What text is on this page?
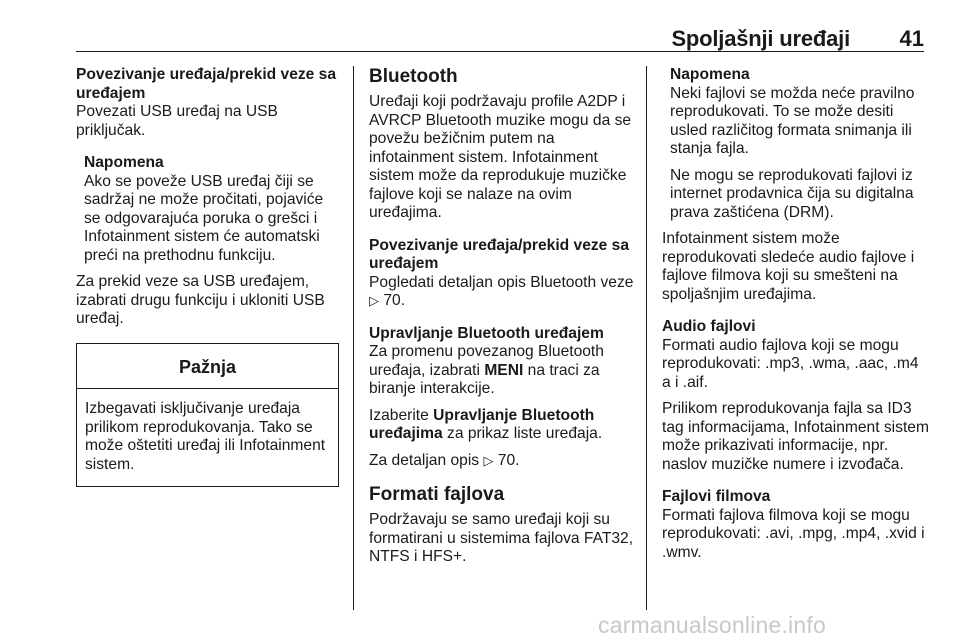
Spoljašnji uređaji	41

Povezivanje uređaja/prekid veze sa uređajem

Povezati USB uređaj na USB priključak.

Napomena

Ako se poveže USB uređaj čiji se sadržaj ne može pročitati, pojaviće se odgovarajuća poruka o grešci i Infotainment sistem će automatski preći na prethodnu funkciju.

Za prekid veze sa USB uređajem, izabrati drugu funkciju i ukloniti USB uređaj.

Pažnja
Izbegavati isključivanje uređaja prilikom reprodukovanja. Tako se može oštetiti uređaj ili Infotainment sistem.

Bluetooth

Uređaji koji podržavaju profile A2DP i AVRCP Bluetooth muzike mogu da se povežu bežičnim putem na infotainment sistem. Infotainment sistem može da reprodukuje muzičke fajlove koji se nalaze na ovim uređajima.

Povezivanje uređaja/prekid veze sa uređajem

Pogledati detaljan opis Bluetooth veze ▷ 70.

Upravljanje Bluetooth uređajem

Za promenu povezanog Bluetooth uređaja, izabrati MENI na traci za biranje interakcije.

Izaberite Upravljanje Bluetooth uređajima za prikaz liste uređaja.

Za detaljan opis ▷ 70.

Formati fajlova

Podržavaju se samo uređaji koji su formatirani u sistemima fajlova FAT32, NTFS i HFS+.

Napomena

Neki fajlovi se možda neće pravilno reprodukovati. To se može desiti usled različitog formata snimanja ili stanja fajla.

Ne mogu se reprodukovati fajlovi iz internet prodavnica čija su digitalna prava zaštićena (DRM).

Infotainment sistem može reprodukovati sledeće audio fajlove i fajlove filmova koji su smešteni na spoljašnjim uređajima.

Audio fajlovi

Formati audio fajlova koji se mogu reprodukovati: .mp3, .wma, .aac, .m4 a i .aif.

Prilikom reprodukovanja fajla sa ID3 tag informacijama, Infotainment sistem može prikazivati informacije, npr. naslov muzičke numere i izvođača.

Fajlovi filmova

Formati fajlova filmova koji se mogu reprodukovati: .avi, .mpg, .mp4, .xvid i .wmv.

carmanualsonline.info
